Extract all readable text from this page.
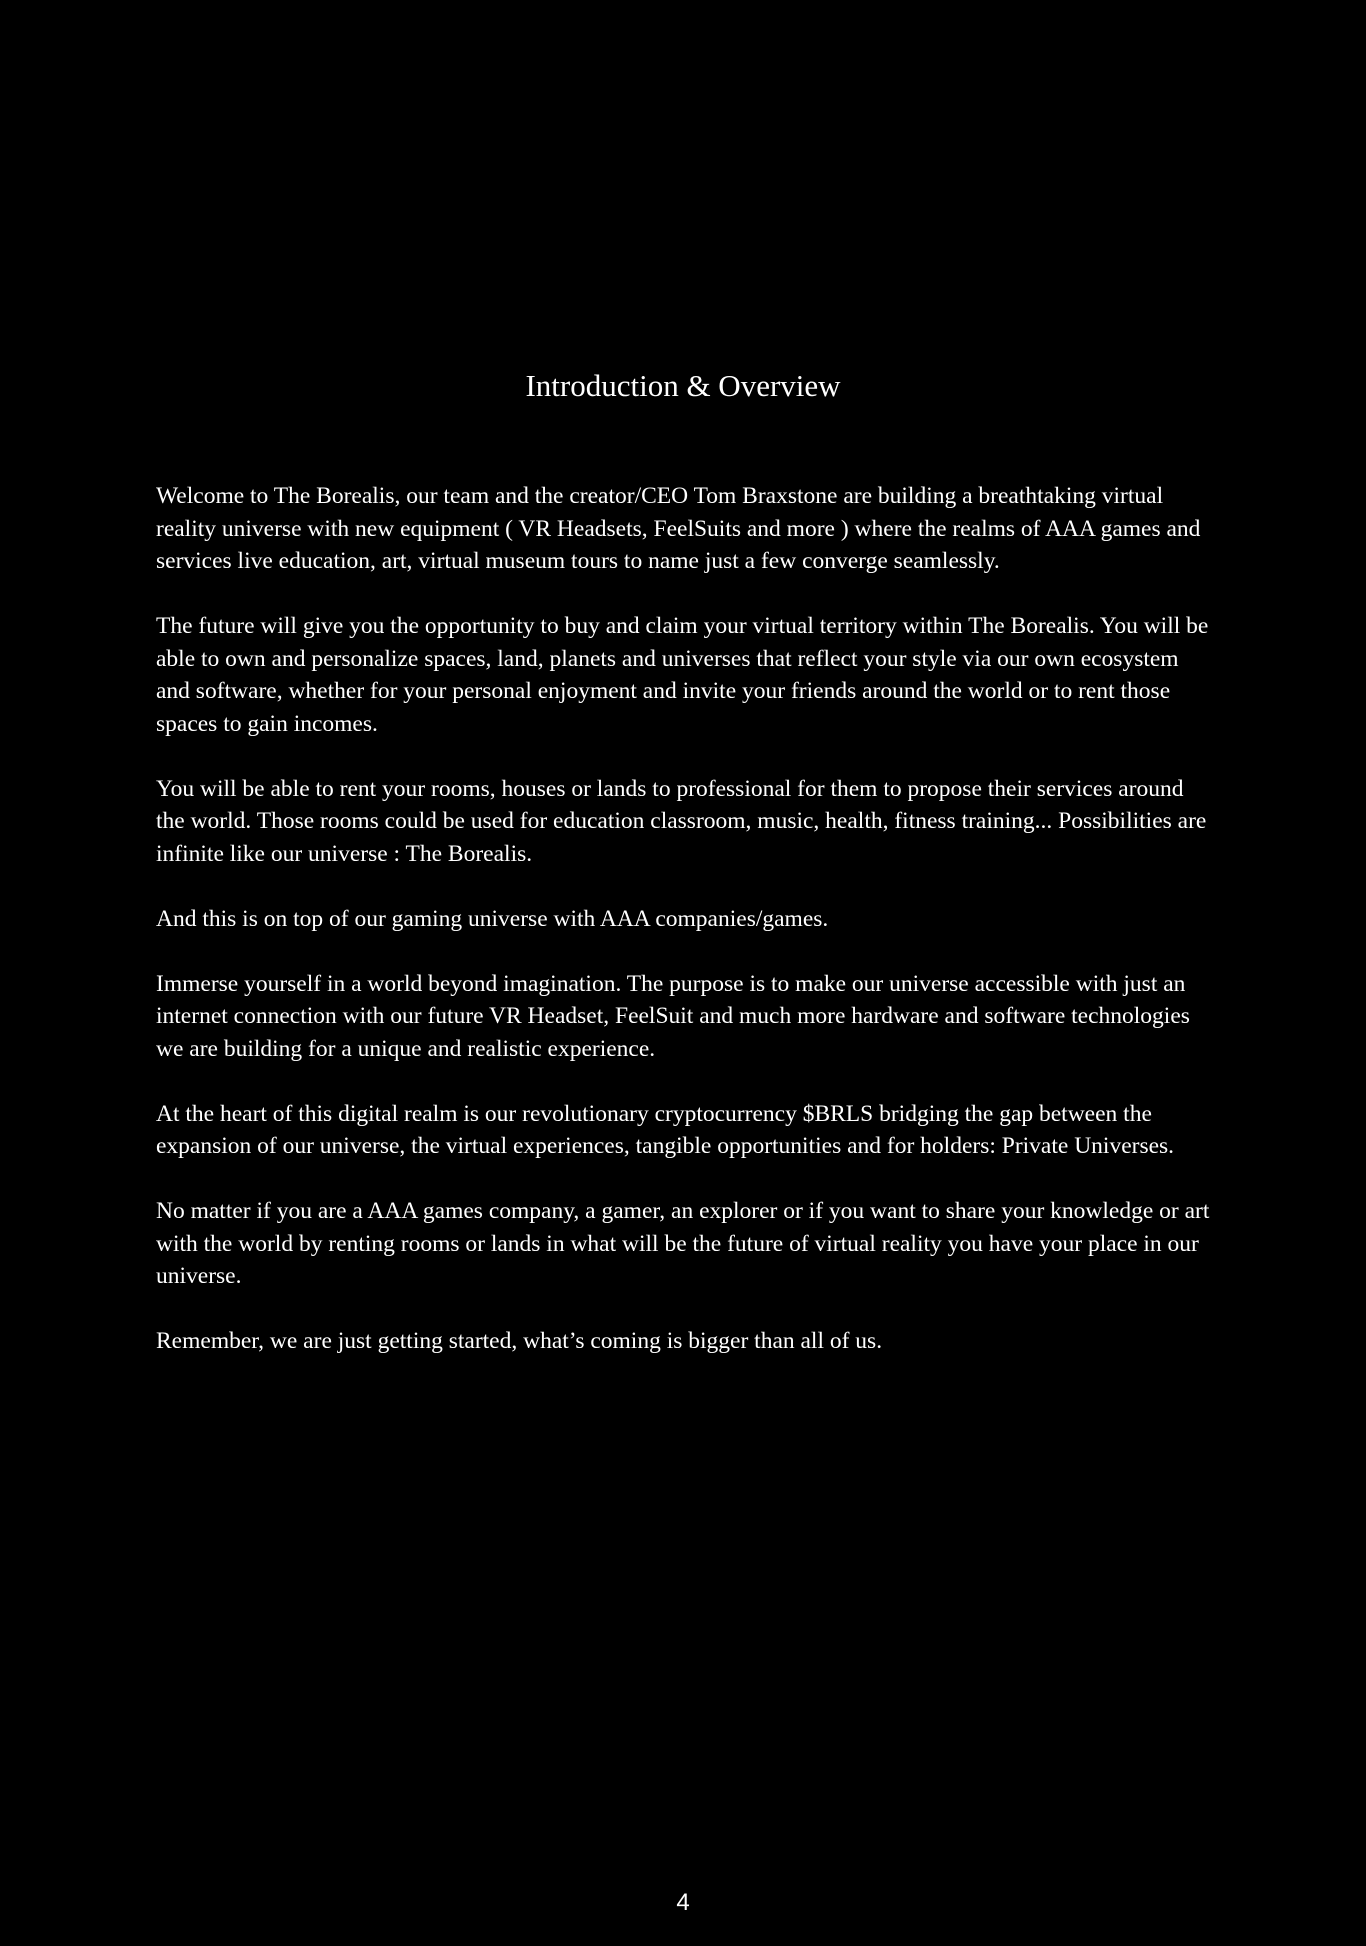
Introduction & Overview

Welcome to The Borealis, our team and the creator/CEO Tom Braxstone are building a breathtaking virtual reality universe with new equipment ( VR Headsets, FeelSuits and more ) where the realms of AAA games and services live education, art, virtual museum tours to name just a few converge seamlessly.

The future will give you the opportunity to buy and claim your virtual territory within The Borealis. You will be able to own and personalize spaces, land, planets and universes that reflect your style via our own ecosystem and software, whether for your personal enjoyment and invite your friends around the world or to rent those spaces to gain incomes.

You will be able to rent your rooms, houses or lands to professional for them to propose their services around the world. Those rooms could be used for education classroom, music, health, fitness training... Possibilities are infinite like our universe : The Borealis.

And this is on top of our gaming universe with AAA companies/games.

Immerse yourself in a world beyond imagination. The purpose is to make our universe accessible with just an internet connection with our future VR Headset, FeelSuit and much more hardware and software technologies we are building for a unique and realistic experience.

At the heart of this digital realm is our revolutionary cryptocurrency $BRLS bridging the gap between the expansion of our universe, the virtual experiences, tangible opportunities and for holders: Private Universes.

No matter if you are a AAA games company, a gamer, an explorer or if you want to share your knowledge or art with the world by renting rooms or lands in what will be the future of virtual reality you have your place in our universe.

Remember, we are just getting started, what’s coming is bigger than all of us.

4
